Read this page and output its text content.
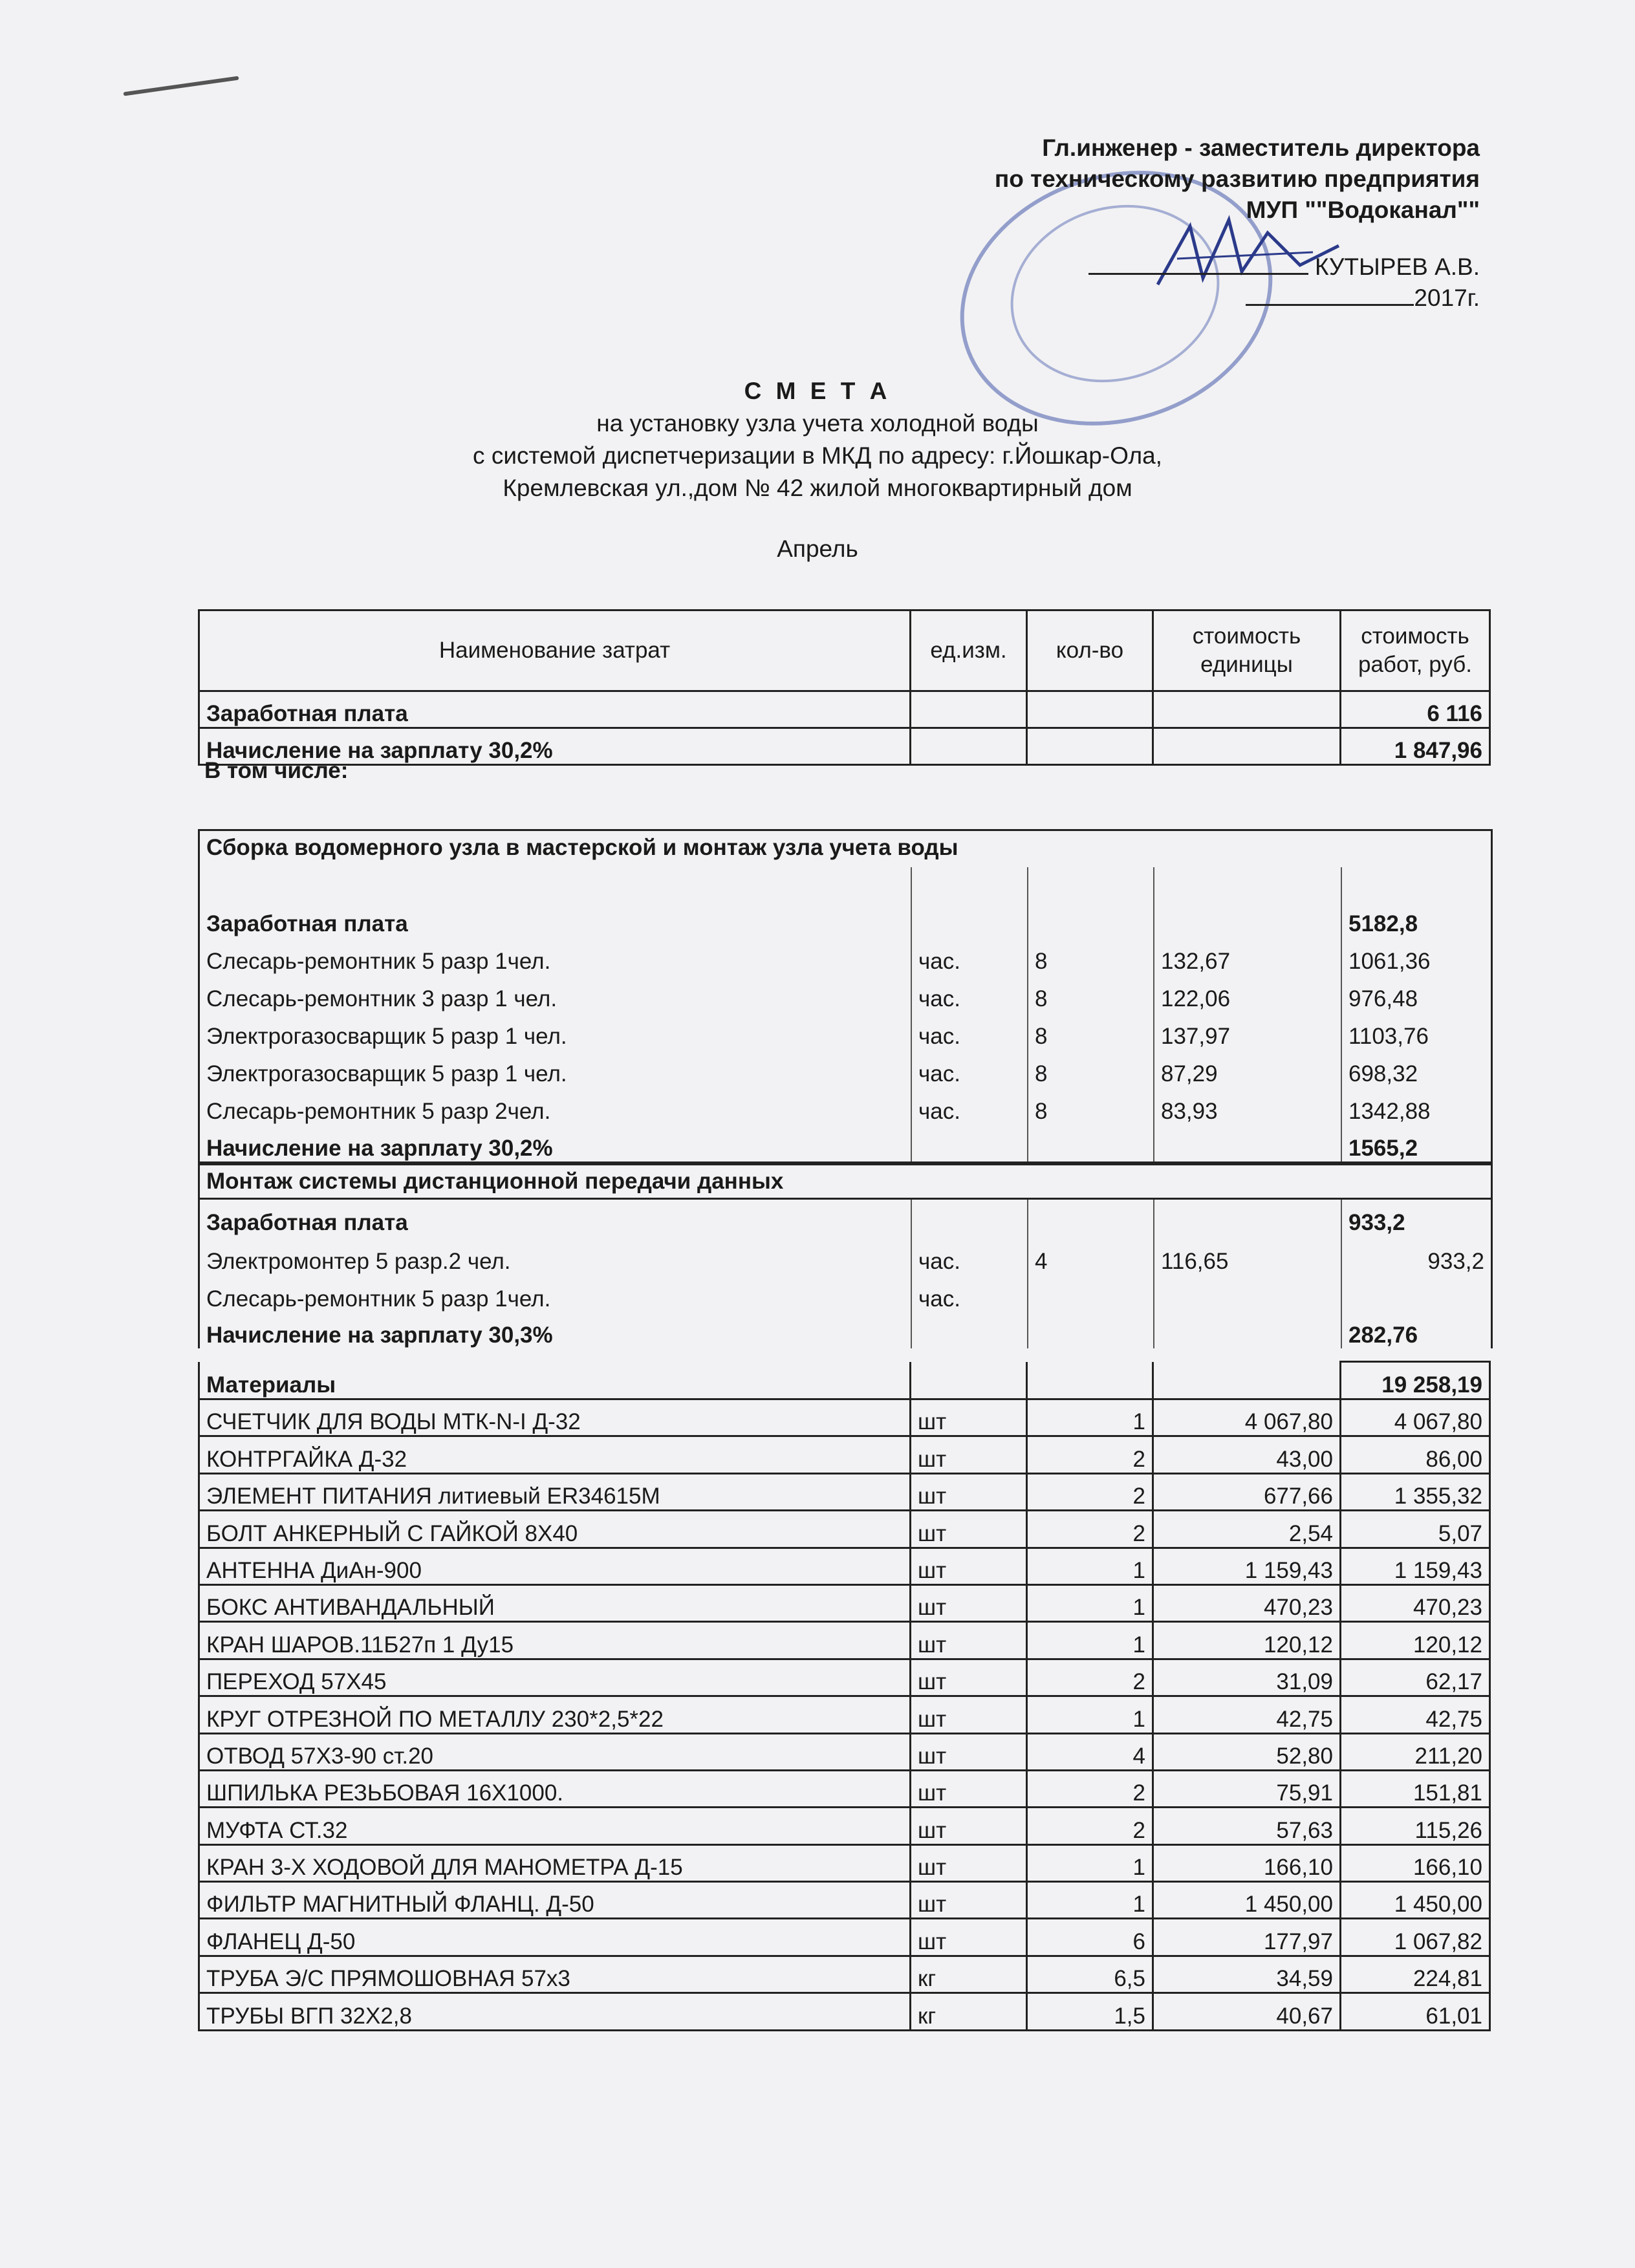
Гл.инженер - заместитель директора
по техническому развитию предприятия
МУП ""Водоканал""
КУТЫРЕВ А.В.
2017г.
С М Е Т А
на установку узла учета холодной воды
с системой диспетчеризации в МКД по адресу: г.Йошкар-Ола,
Кремлевская ул.,дом № 42 жилой многоквартирный дом
Апрель
Наименование затрат	ед.изм.	кол-во	стоимость единицы	стоимость работ, руб.
Заработная плата				6 116
Начисление на зарплату 30,2%				1 847,96
В том числе:
Сборка водомерного узла в мастерской и монтаж узла учета воды
Заработная плата				5182,8
Слесарь-ремонтник 5 разр 1чел.	час.	8	132,67	1061,36
Слесарь-ремонтник 3 разр 1 чел.	час.	8	122,06	976,48
Электрогазосварщик 5 разр 1 чел.	час.	8	137,97	1103,76
Электрогазосварщик 5 разр 1 чел.	час.	8	87,29	698,32
Слесарь-ремонтник 5 разр 2чел.	час.	8	83,93	1342,88
Начисление на зарплату 30,2%				1565,2
Монтаж системы дистанционной передачи данных
Заработная плата				933,2
Электромонтер 5 разр.2 чел.	час.	4	116,65	933,2
Слесарь-ремонтник 5 разр 1чел.	час.			
Начисление на зарплату 30,3%				282,76
Материалы				19 258,19
СЧЕТЧИК ДЛЯ ВОДЫ МТК-N-I Д-32	шт	1	4 067,80	4 067,80
КОНТРГАЙКА Д-32	шт	2	43,00	86,00
ЭЛЕМЕНТ ПИТАНИЯ литиевый ER34615M	шт	2	677,66	1 355,32
БОЛТ АНКЕРНЫЙ С ГАЙКОЙ 8Х40	шт	2	2,54	5,07
АНТЕННА ДиАн-900	шт	1	1 159,43	1 159,43
БОКС АНТИВАНДАЛЬНЫЙ	шт	1	470,23	470,23
КРАН ШАРОВ.11Б27п 1 Ду15	шт	1	120,12	120,12
ПЕРЕХОД 57Х45	шт	2	31,09	62,17
КРУГ ОТРЕЗНОЙ ПО МЕТАЛЛУ 230*2,5*22	шт	1	42,75	42,75
ОТВОД 57Х3-90 ст.20	шт	4	52,80	211,20
ШПИЛЬКА РЕЗЬБОВАЯ 16Х1000.	шт	2	75,91	151,81
МУФТА СТ.32	шт	2	57,63	115,26
КРАН 3-Х ХОДОВОЙ ДЛЯ МАНОМЕТРА Д-15	шт	1	166,10	166,10
ФИЛЬТР МАГНИТНЫЙ ФЛАНЦ. Д-50	шт	1	1 450,00	1 450,00
ФЛАНЕЦ Д-50	шт	6	177,97	1 067,82
ТРУБА Э/С ПРЯМОШОВНАЯ 57х3	кг	6,5	34,59	224,81
ТРУБЫ ВГП 32Х2,8	кг	1,5	40,67	61,01
